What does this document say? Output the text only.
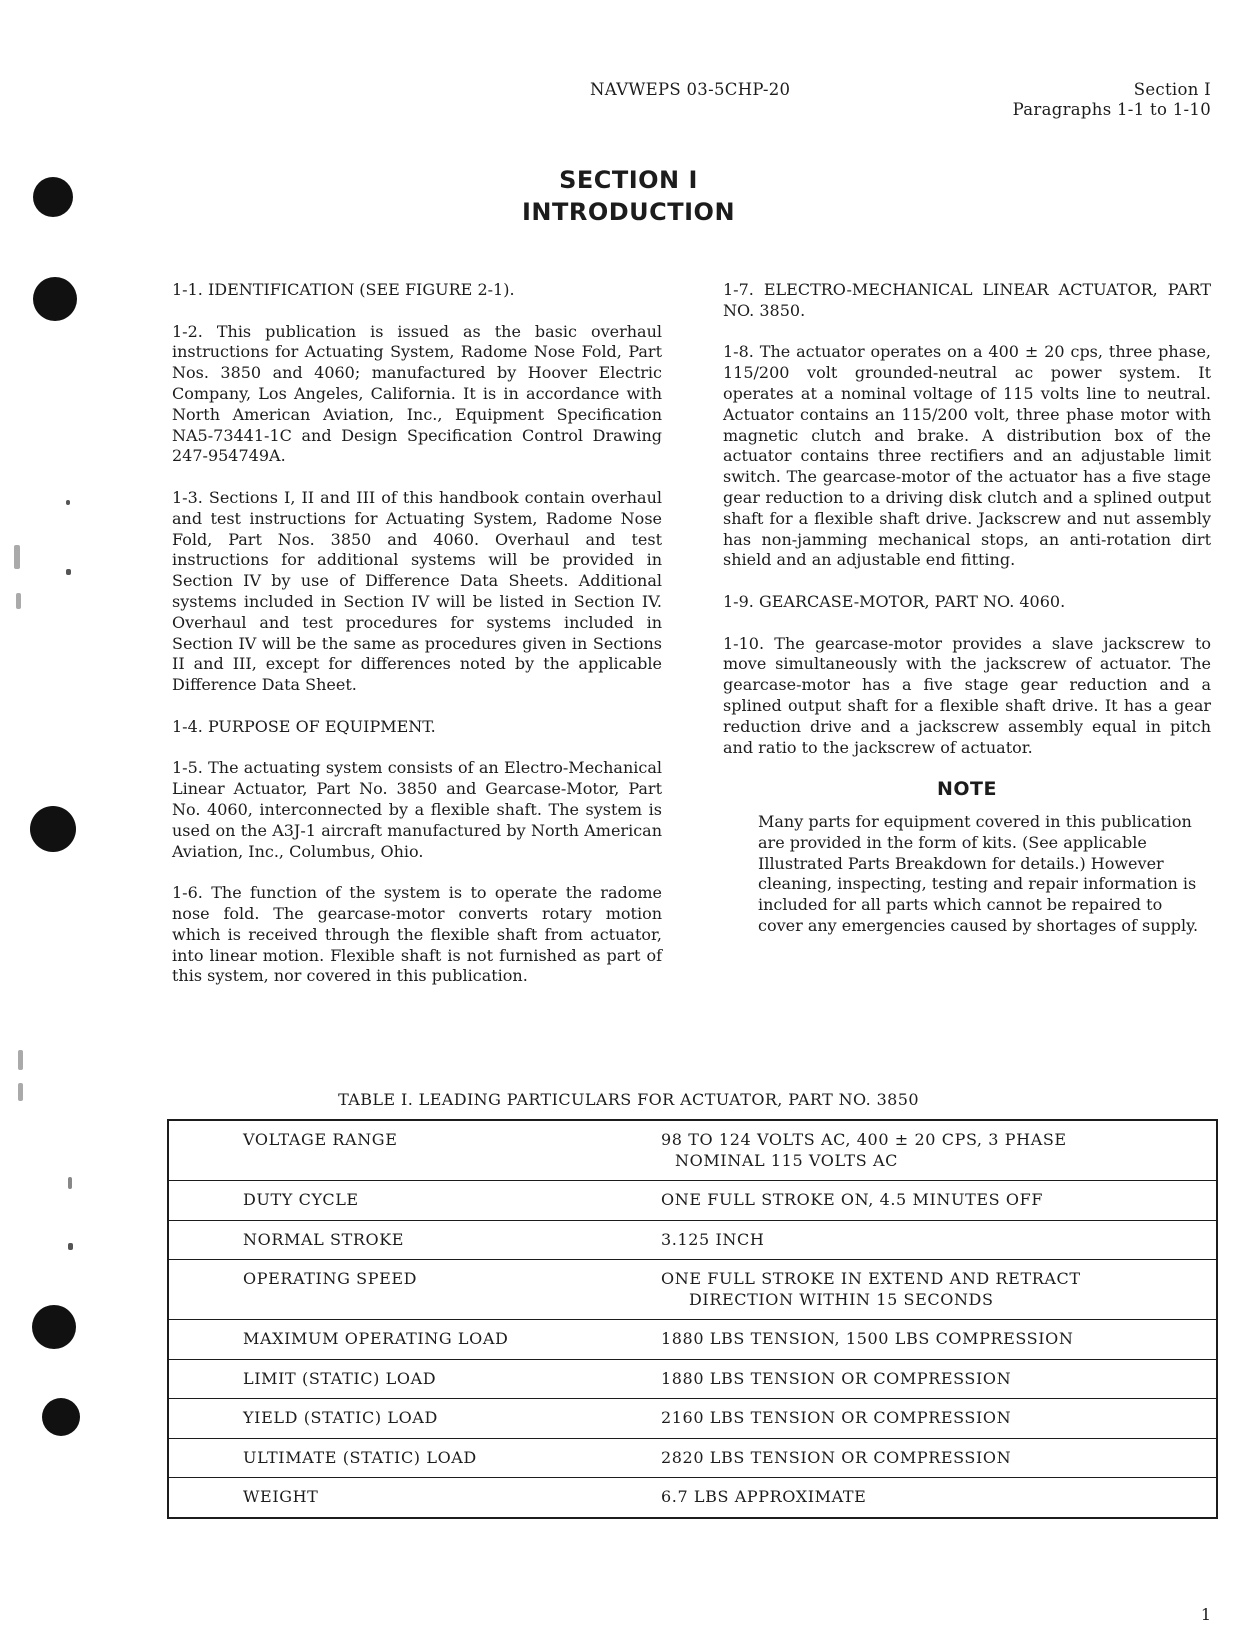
NAVWEPS 03-5CHP-20	Section I
Paragraphs 1-1 to 1-10
SECTION I
INTRODUCTION

1-1. IDENTIFICATION (SEE FIGURE 2-1).

1-2. This publication is issued as the basic overhaul instructions for Actuating System, Radome Nose Fold, Part Nos. 3850 and 4060; manufactured by Hoover Electric Company, Los Angeles, California. It is in accordance with North American Aviation, Inc., Equipment Specification NA5-73441-1C and Design Specification Control Drawing 247-954749A.

1-3. Sections I, II and III of this handbook contain overhaul and test instructions for Actuating System, Radome Nose Fold, Part Nos. 3850 and 4060. Overhaul and test instructions for additional systems will be provided in Section IV by use of Difference Data Sheets. Additional systems included in Section IV will be listed in Section IV. Overhaul and test procedures for systems included in Section IV will be the same as procedures given in Sections II and III, except for differences noted by the applicable Difference Data Sheet.

1-4. PURPOSE OF EQUIPMENT.

1-5. The actuating system consists of an Electro-Mechanical Linear Actuator, Part No. 3850 and Gearcase-Motor, Part No. 4060, interconnected by a flexible shaft. The system is used on the A3J-1 aircraft manufactured by North American Aviation, Inc., Columbus, Ohio.

1-6. The function of the system is to operate the radome nose fold. The gearcase-motor converts rotary motion which is received through the flexible shaft from actuator, into linear motion. Flexible shaft is not furnished as part of this system, nor covered in this publication.

1-7. ELECTRO-MECHANICAL LINEAR ACTUATOR, PART NO. 3850.

1-8. The actuator operates on a 400 ± 20 cps, three phase, 115/200 volt grounded-neutral ac power system. It operates at a nominal voltage of 115 volts line to neutral. Actuator contains an 115/200 volt, three phase motor with magnetic clutch and brake. A distribution box of the actuator contains three rectifiers and an adjustable limit switch. The gearcase-motor of the actuator has a five stage gear reduction to a driving disk clutch and a splined output shaft for a flexible shaft drive. Jackscrew and nut assembly has non-jamming mechanical stops, an anti-rotation dirt shield and an adjustable end fitting.

1-9. GEARCASE-MOTOR, PART NO. 4060.

1-10. The gearcase-motor provides a slave jackscrew to move simultaneously with the jackscrew of actuator. The gearcase-motor has a five stage gear reduction and a splined output shaft for a flexible shaft drive. It has a gear reduction drive and a jackscrew assembly equal in pitch and ratio to the jackscrew of actuator.

NOTE

Many parts for equipment covered in this publication are provided in the form of kits. (See applicable Illustrated Parts Breakdown for details.) However cleaning, inspecting, testing and repair information is included for all parts which cannot be repaired to cover any emergencies caused by shortages of supply.

TABLE I. LEADING PARTICULARS FOR ACTUATOR, PART NO. 3850
VOLTAGE RANGE	98 TO 124 VOLTS AC, 400 ± 20 CPS, 3 PHASE
NOMINAL 115 VOLTS AC

DUTY CYCLE	ONE FULL STROKE ON, 4.5 MINUTES OFF
NORMAL STROKE	3.125 INCH
OPERATING SPEED	ONE FULL STROKE IN EXTEND AND RETRACT
DIRECTION WITHIN 15 SECONDS

MAXIMUM OPERATING LOAD	1880 LBS TENSION, 1500 LBS COMPRESSION
LIMIT (STATIC) LOAD	1880 LBS TENSION OR COMPRESSION
YIELD (STATIC) LOAD	2160 LBS TENSION OR COMPRESSION
ULTIMATE (STATIC) LOAD	2820 LBS TENSION OR COMPRESSION
WEIGHT	6.7 LBS APPROXIMATE
1
